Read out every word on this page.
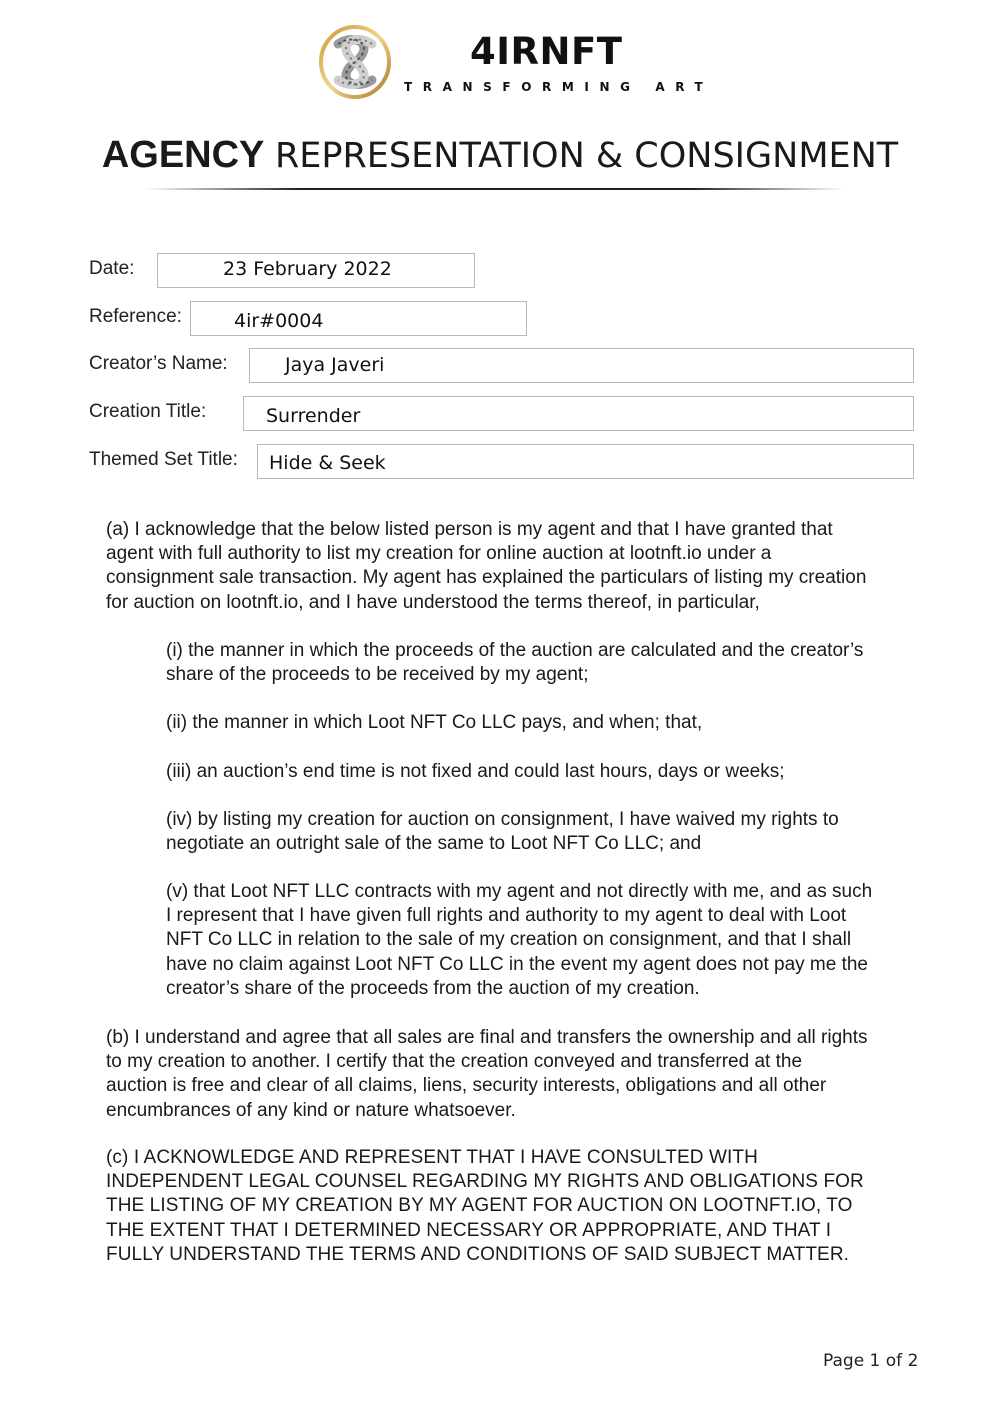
4IRNFT
TRANSFORMING ART
AGENCY REPRESENTATION & CONSIGNMENT
Date:	23 February 2022
Reference:	4ir#0004
Creator’s Name:	Jaya Javeri
Creation Title:	Surrender
Themed Set Title: Hide & Seek

(a) I acknowledge that the below listed person is my agent and that I have granted that

agent with full authority to list my creation for online auction at lootnft.io under a

consignment sale transaction. My agent has explained the particulars of listing my creation

for auction on lootnft.io, and I have understood the terms thereof, in particular,

(i) the manner in which the proceeds of the auction are calculated and the creator’s

share of the proceeds to be received by my agent;

(ii) the manner in which Loot NFT Co LLC pays, and when; that,

(iii) an auction’s end time is not fixed and could last hours, days or weeks;

(iv) by listing my creation for auction on consignment, I have waived my rights to

negotiate an outright sale of the same to Loot NFT Co LLC; and

(v) that Loot NFT LLC contracts with my agent and not directly with me, and as such

I represent that I have given full rights and authority to my agent to deal with Loot

NFT Co LLC in relation to the sale of my creation on consignment, and that I shall

have no claim against Loot NFT Co LLC in the event my agent does not pay me the

creator’s share of the proceeds from the auction of my creation.

(b) I understand and agree that all sales are final and transfers the ownership and all rights

to my creation to another. I certify that the creation conveyed and transferred at the

auction is free and clear of all claims, liens, security interests, obligations and all other

encumbrances of any kind or nature whatsoever.

(c) I ACKNOWLEDGE AND REPRESENT THAT I HAVE CONSULTED WITH

INDEPENDENT LEGAL COUNSEL REGARDING MY RIGHTS AND OBLIGATIONS FOR

THE LISTING OF MY CREATION BY MY AGENT FOR AUCTION ON LOOTNFT.IO, TO

THE EXTENT THAT I DETERMINED NECESSARY OR APPROPRIATE, AND THAT I

FULLY UNDERSTAND THE TERMS AND CONDITIONS OF SAID SUBJECT MATTER.

Page 1 of 2
